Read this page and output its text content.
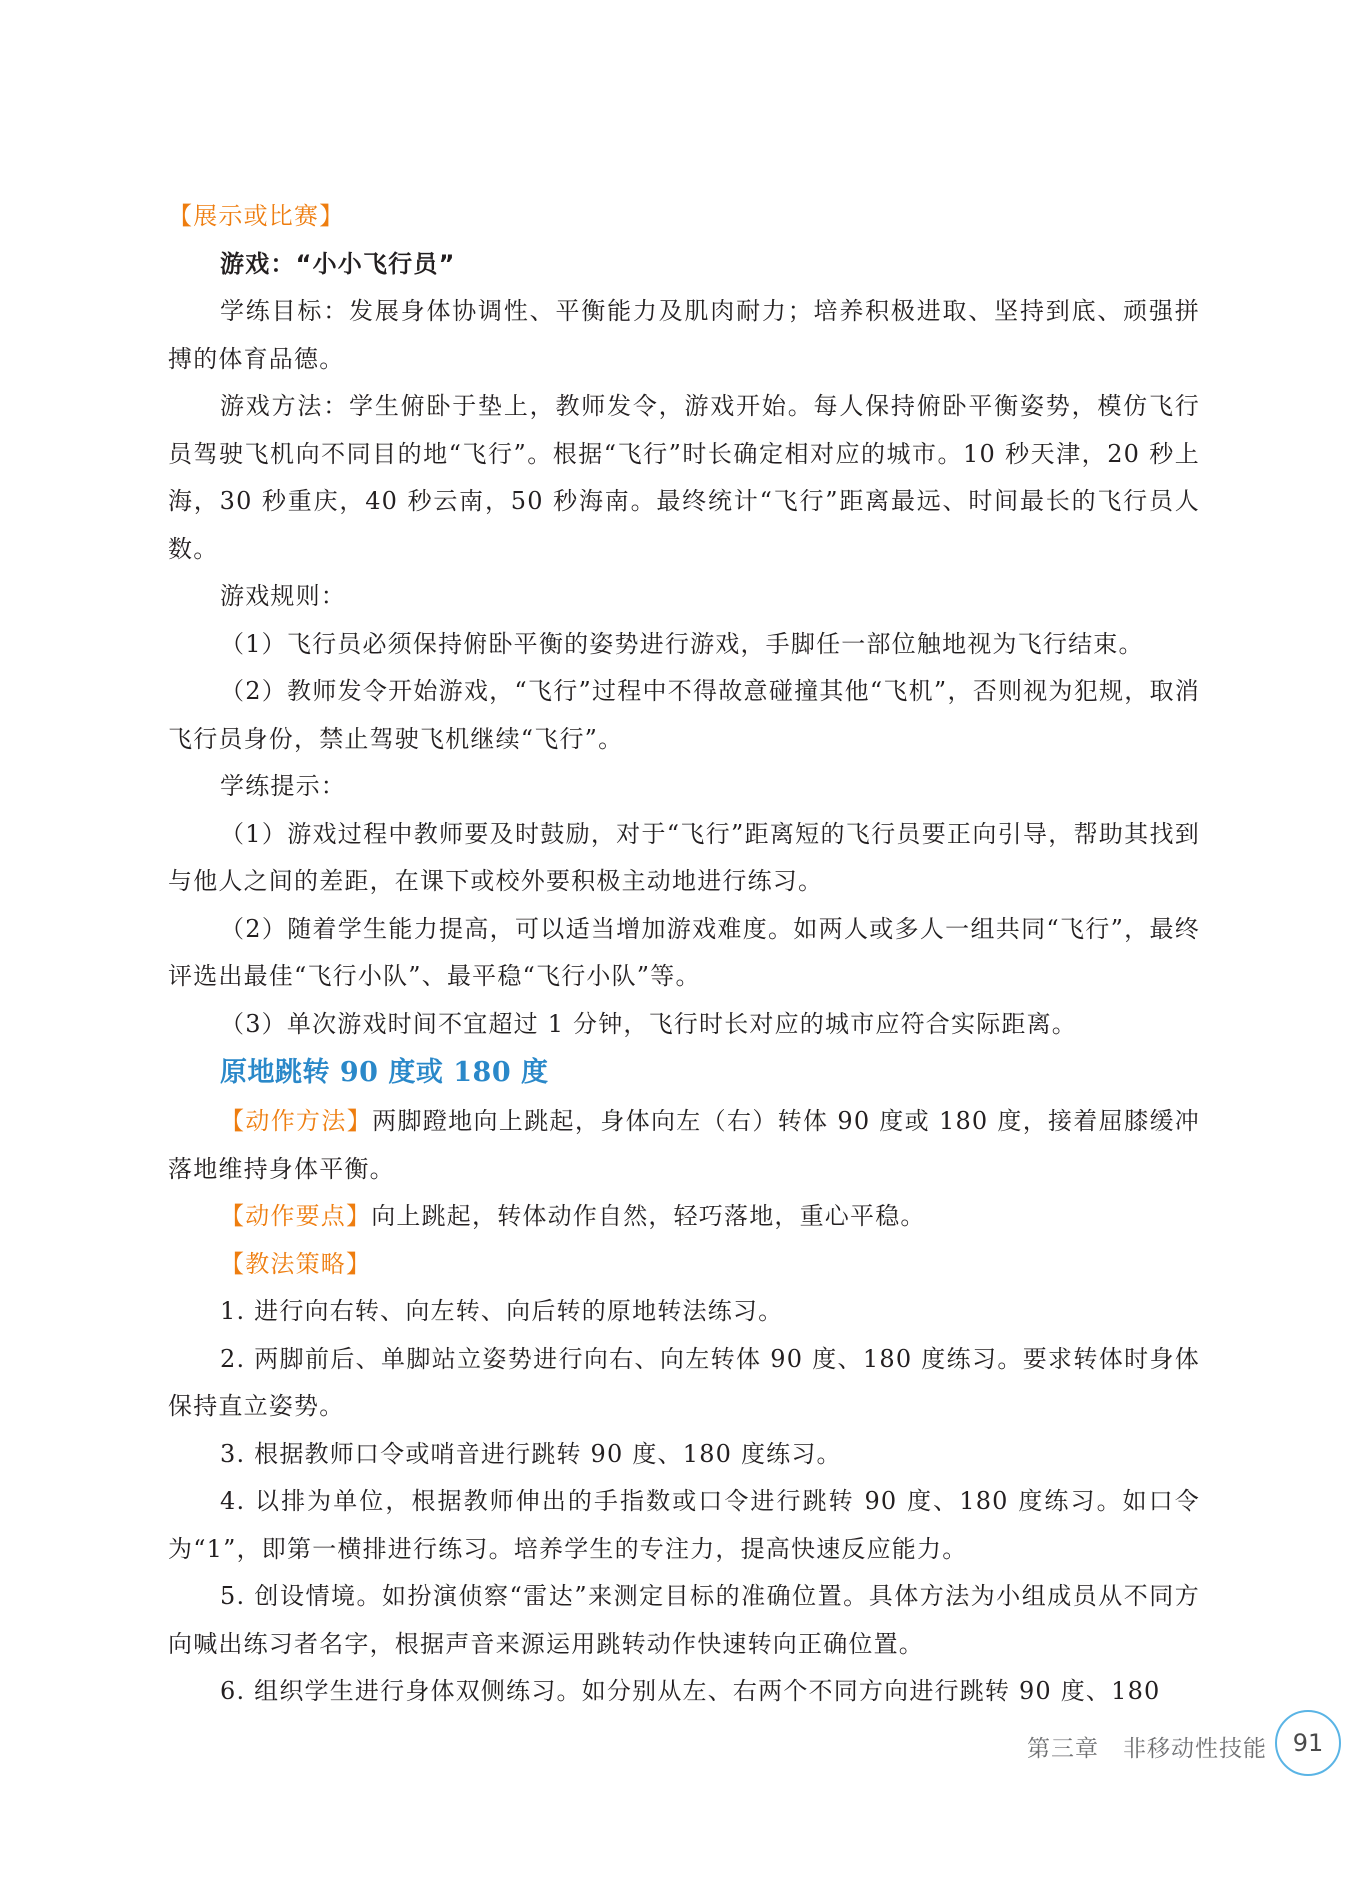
【展示或比赛】

游戏：“小小飞行员”

学练目标：发展身体协调性、平衡能力及肌肉耐力；培养积极进取、坚持到底、顽强拼搏的体育品德。

游戏方法：学生俯卧于垫上，教师发令，游戏开始。每人保持俯卧平衡姿势，模仿飞行员驾驶飞机向不同目的地“飞行”。根据“飞行”时长确定相对应的城市。10 秒天津，20 秒上海，30 秒重庆，40 秒云南，50 秒海南。最终统计“飞行”距离最远、时间最长的飞行员人数。

游戏规则：

（1）飞行员必须保持俯卧平衡的姿势进行游戏，手脚任一部位触地视为飞行结束。

（2）教师发令开始游戏，“飞行”过程中不得故意碰撞其他“飞机”，否则视为犯规，取消飞行员身份，禁止驾驶飞机继续“飞行”。

学练提示：

（1）游戏过程中教师要及时鼓励，对于“飞行”距离短的飞行员要正向引导，帮助其找到与他人之间的差距，在课下或校外要积极主动地进行练习。

（2）随着学生能力提高，可以适当增加游戏难度。如两人或多人一组共同“飞行”，最终评选出最佳“飞行小队”、最平稳“飞行小队”等。

（3）单次游戏时间不宜超过 1 分钟，飞行时长对应的城市应符合实际距离。

原地跳转 90 度或 180 度

【动作方法】两脚蹬地向上跳起，身体向左（右）转体 90 度或 180 度，接着屈膝缓冲落地维持身体平衡。

【动作要点】向上跳起，转体动作自然，轻巧落地，重心平稳。

【教法策略】

1. 进行向右转、向左转、向后转的原地转法练习。

2. 两脚前后、单脚站立姿势进行向右、向左转体 90 度、180 度练习。要求转体时身体保持直立姿势。

3. 根据教师口令或哨音进行跳转 90 度、180 度练习。

4. 以排为单位，根据教师伸出的手指数或口令进行跳转 90 度、180 度练习。如口令为“1”，即第一横排进行练习。培养学生的专注力，提高快速反应能力。

5. 创设情境。如扮演侦察“雷达”来测定目标的准确位置。具体方法为小组成员从不同方向喊出练习者名字，根据声音来源运用跳转动作快速转向正确位置。

6. 组织学生进行身体双侧练习。如分别从左、右两个不同方向进行跳转 90 度、180

第三章　非移动性技能 91
